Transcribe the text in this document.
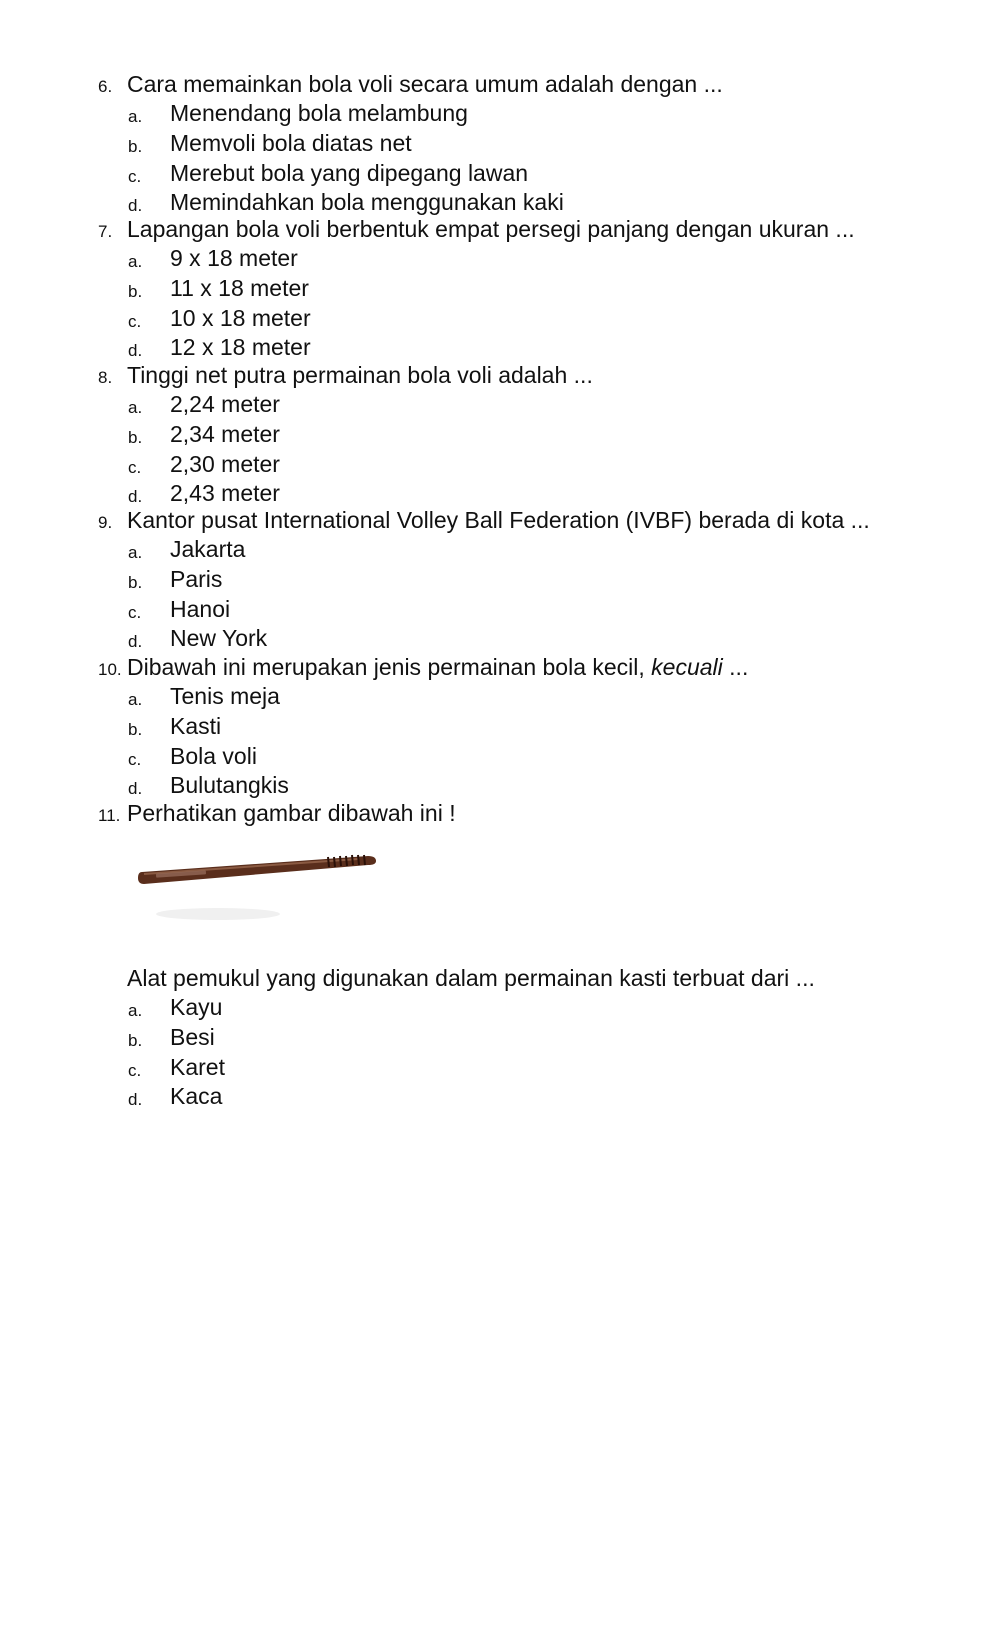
6. Cara memainkan bola voli secara umum adalah dengan ...
a. Menendang bola melambung
b. Memvoli bola diatas net
c. Merebut bola yang dipegang lawan
d. Memindahkan bola menggunakan kaki
7. Lapangan bola voli berbentuk empat persegi panjang dengan ukuran ...
a. 9 x 18 meter
b. 11 x 18 meter
c. 10 x 18 meter
d. 12 x 18 meter
8. Tinggi net putra permainan bola voli adalah ...
a. 2,24 meter
b. 2,34 meter
c. 2,30 meter
d. 2,43 meter
9. Kantor pusat International Volley Ball Federation (IVBF) berada di kota ...
a. Jakarta
b. Paris
c. Hanoi
d. New York
10. Dibawah ini merupakan jenis permainan bola kecil, kecuali ...
a. Tenis meja
b. Kasti
c. Bola voli
d. Bulutangkis
11. Perhatikan gambar dibawah ini !
Alat pemukul yang digunakan dalam permainan kasti terbuat dari ...
a. Kayu
b. Besi
c. Karet
d. Kaca
